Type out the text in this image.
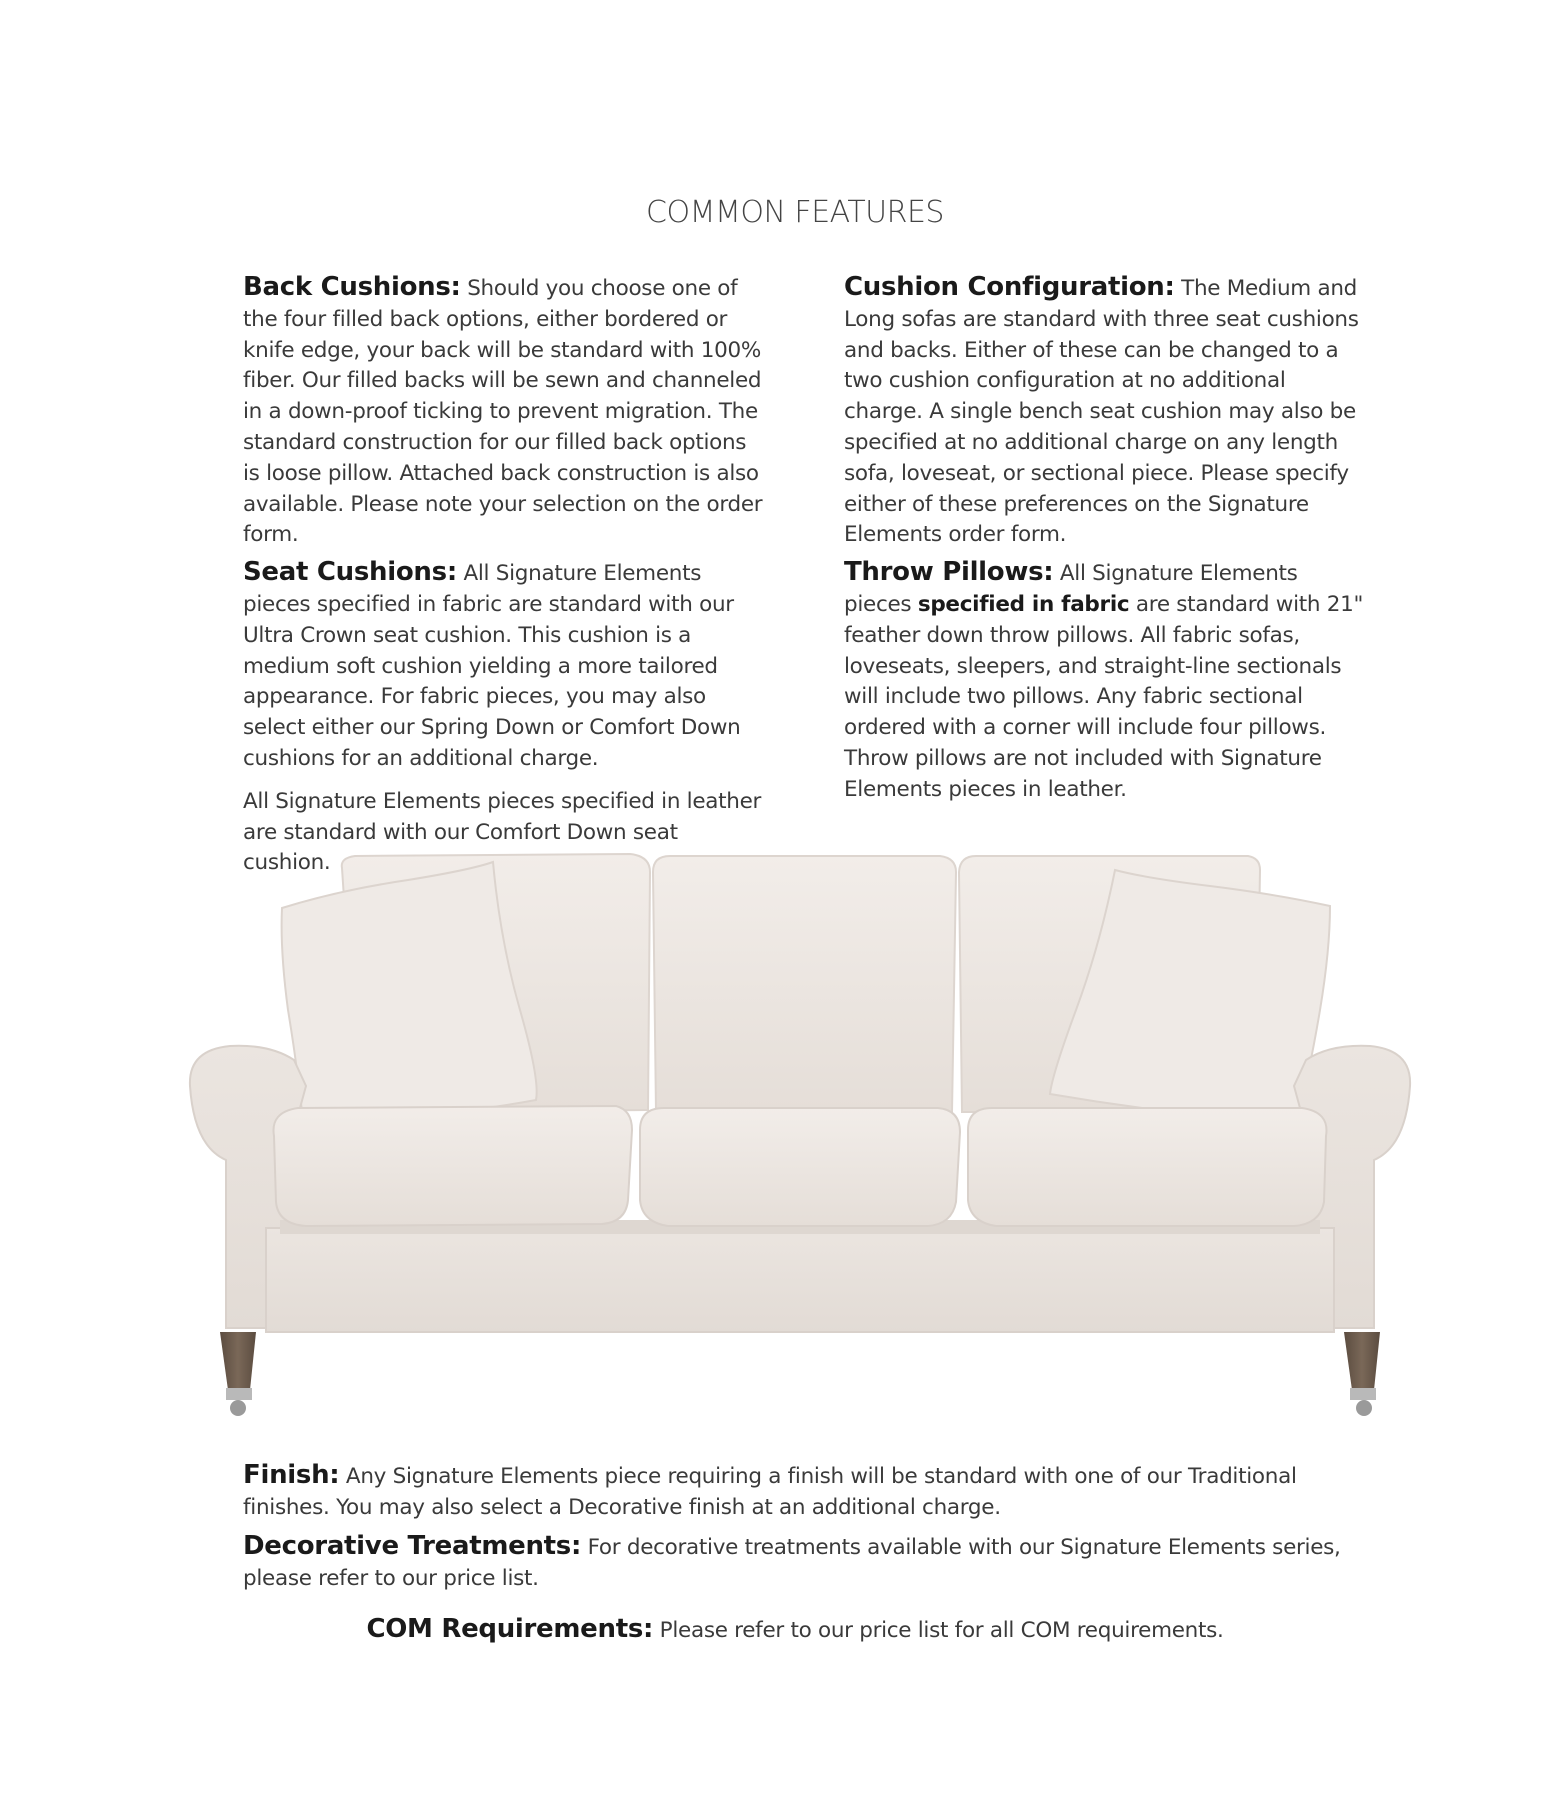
COMMON FEATURES

Back Cushions: Should you choose one of the four filled back options, either bordered or knife edge, your back will be standard with 100% fiber. Our filled backs will be sewn and channeled in a down-proof ticking to prevent migration. The standard construction for our filled back options is loose pillow. Attached back construction is also available. Please note your selection on the order form.

Seat Cushions: All Signature Elements pieces specified in fabric are standard with our Ultra Crown seat cushion. This cushion is a medium soft cushion yielding a more tailored appearance. For fabric pieces, you may also select either our Spring Down or Comfort Down cushions for an additional charge.

All Signature Elements pieces specified in leather are standard with our Comfort Down seat cushion.

Cushion Configuration: The Medium and Long sofas are standard with three seat cushions and backs. Either of these can be changed to a two cushion configuration at no additional charge. A single bench seat cushion may also be specified at no additional charge on any length sofa, loveseat, or sectional piece. Please specify either of these preferences on the Signature Elements order form.

Throw Pillows: All Signature Elements pieces specified in fabric are standard with 21" feather down throw pillows. All fabric sofas, loveseats, sleepers, and straight-line sectionals will include two pillows. Any fabric sectional ordered with a corner will include four pillows. Throw pillows are not included with Signature Elements pieces in leather.

Finish: Any Signature Elements piece requiring a finish will be standard with one of our Traditional finishes. You may also select a Decorative finish at an additional charge.

Decorative Treatments: For decorative treatments available with our Signature Elements series, please refer to our price list.

COM Requirements: Please refer to our price list for all COM requirements.
